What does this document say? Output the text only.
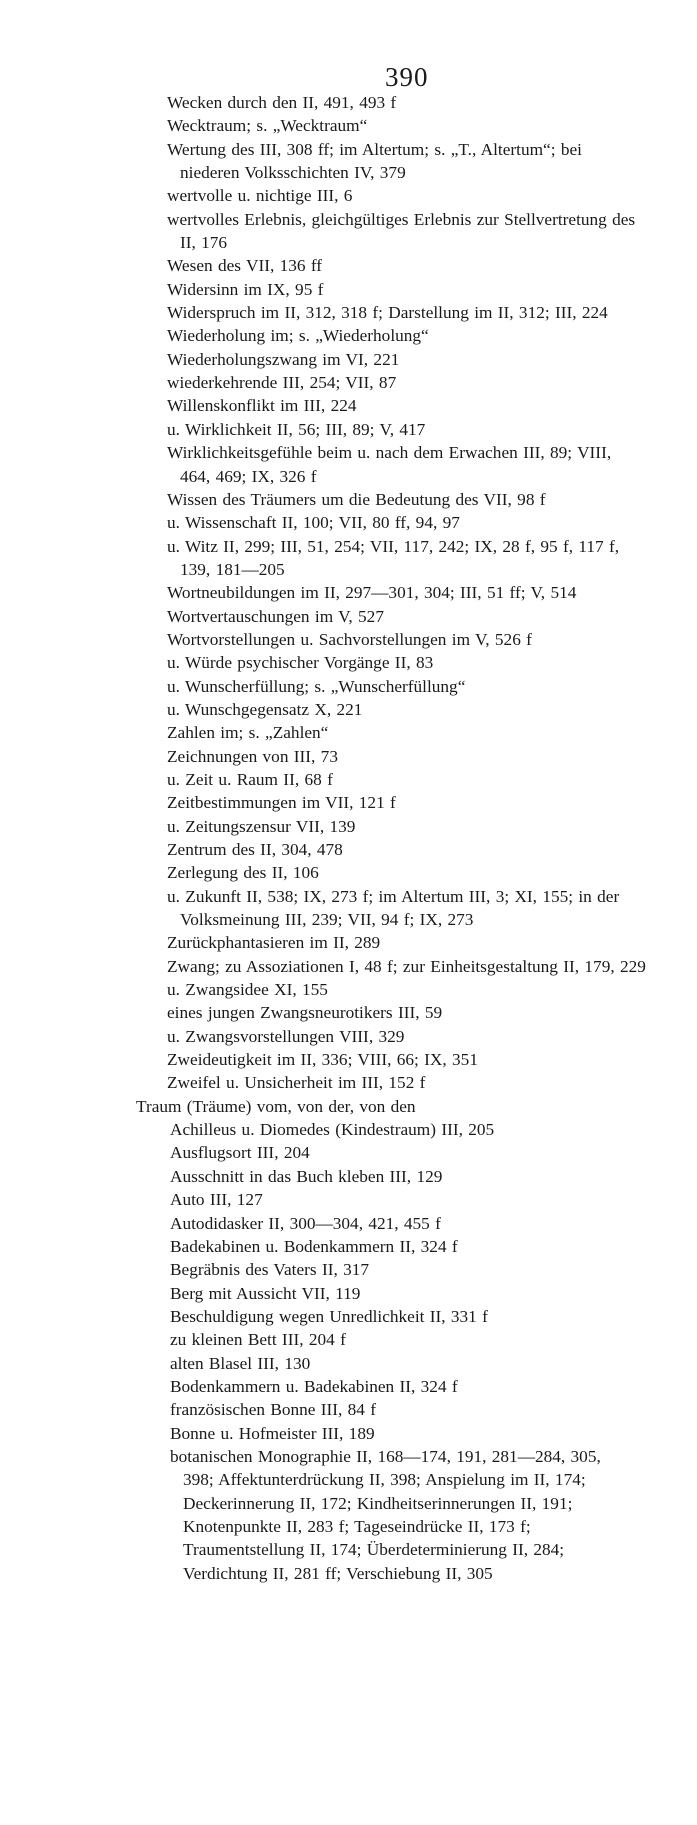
390
Wecken durch den II, 491, 493 f
Wecktraum; s. „Wecktraum“
Wertung des III, 308 ff; im Altertum; s. „T., Altertum“; bei niederen Volksschichten IV, 379
wertvolle u. nichtige III, 6
wertvolles Erlebnis, gleichgültiges Erlebnis zur Stellvertretung des II, 176
Wesen des VII, 136 ff
Widersinn im IX, 95 f
Widerspruch im II, 312, 318 f; Darstellung im II, 312; III, 224
Wiederholung im; s. „Wiederholung“
Wiederholungszwang im VI, 221
wiederkehrende III, 254; VII, 87
Willenskonflikt im III, 224
u. Wirklichkeit II, 56; III, 89; V, 417
Wirklichkeitsgefühle beim u. nach dem Erwachen III, 89; VIII, 464, 469; IX, 326 f
Wissen des Träumers um die Bedeutung des VII, 98 f
u. Wissenschaft II, 100; VII, 80 ff, 94, 97
u. Witz II, 299; III, 51, 254; VII, 117, 242; IX, 28 f, 95 f, 117 f, 139, 181—205
Wortneubildungen im II, 297—301, 304; III, 51 ff; V, 514
Wortvertauschungen im V, 527
Wortvorstellungen u. Sachvorstellungen im V, 526 f
u. Würde psychischer Vorgänge II, 83
u. Wunscherfüllung; s. „Wunscherfüllung“
u. Wunschgegensatz X, 221
Zahlen im; s. „Zahlen“
Zeichnungen von III, 73
u. Zeit u. Raum II, 68 f
Zeitbestimmungen im VII, 121 f
u. Zeitungszensur VII, 139
Zentrum des II, 304, 478
Zerlegung des II, 106
u. Zukunft II, 538; IX, 273 f; im Altertum III, 3; XI, 155; in der Volksmeinung III, 239; VII, 94 f; IX, 273
Zurückphantasieren im II, 289
Zwang; zu Assoziationen I, 48 f; zur Einheitsgestaltung II, 179, 229
u. Zwangsidee XI, 155
eines jungen Zwangsneurotikers III, 59
u. Zwangsvorstellungen VIII, 329
Zweideutigkeit im II, 336; VIII, 66; IX, 351
Zweifel u. Unsicherheit im III, 152 f
Traum (Träume) vom, von der, von den
Achilleus u. Diomedes (Kindestraum) III, 205
Ausflugsort III, 204
Ausschnitt in das Buch kleben III, 129
Auto III, 127
Autodidasker II, 300—304, 421, 455 f
Badekabinen u. Bodenkammern II, 324 f
Begräbnis des Vaters II, 317
Berg mit Aussicht VII, 119
Beschuldigung wegen Unredlichkeit II, 331 f
zu kleinen Bett III, 204 f
alten Blasel III, 130
Bodenkammern u. Badekabinen II, 324 f
französischen Bonne III, 84 f
Bonne u. Hofmeister III, 189
botanischen Monographie II, 168—174, 191, 281—284, 305, 398; Affektunterdrückung II, 398; Anspielung im II, 174; Deckerinnerung II, 172; Kindheitserinnerungen II, 191; Knotenpunkte II, 283 f; Tageseindrücke II, 173 f; Traumentstellung II, 174; Überdeterminierung II, 284; Verdichtung II, 281 ff; Verschiebung II, 305
